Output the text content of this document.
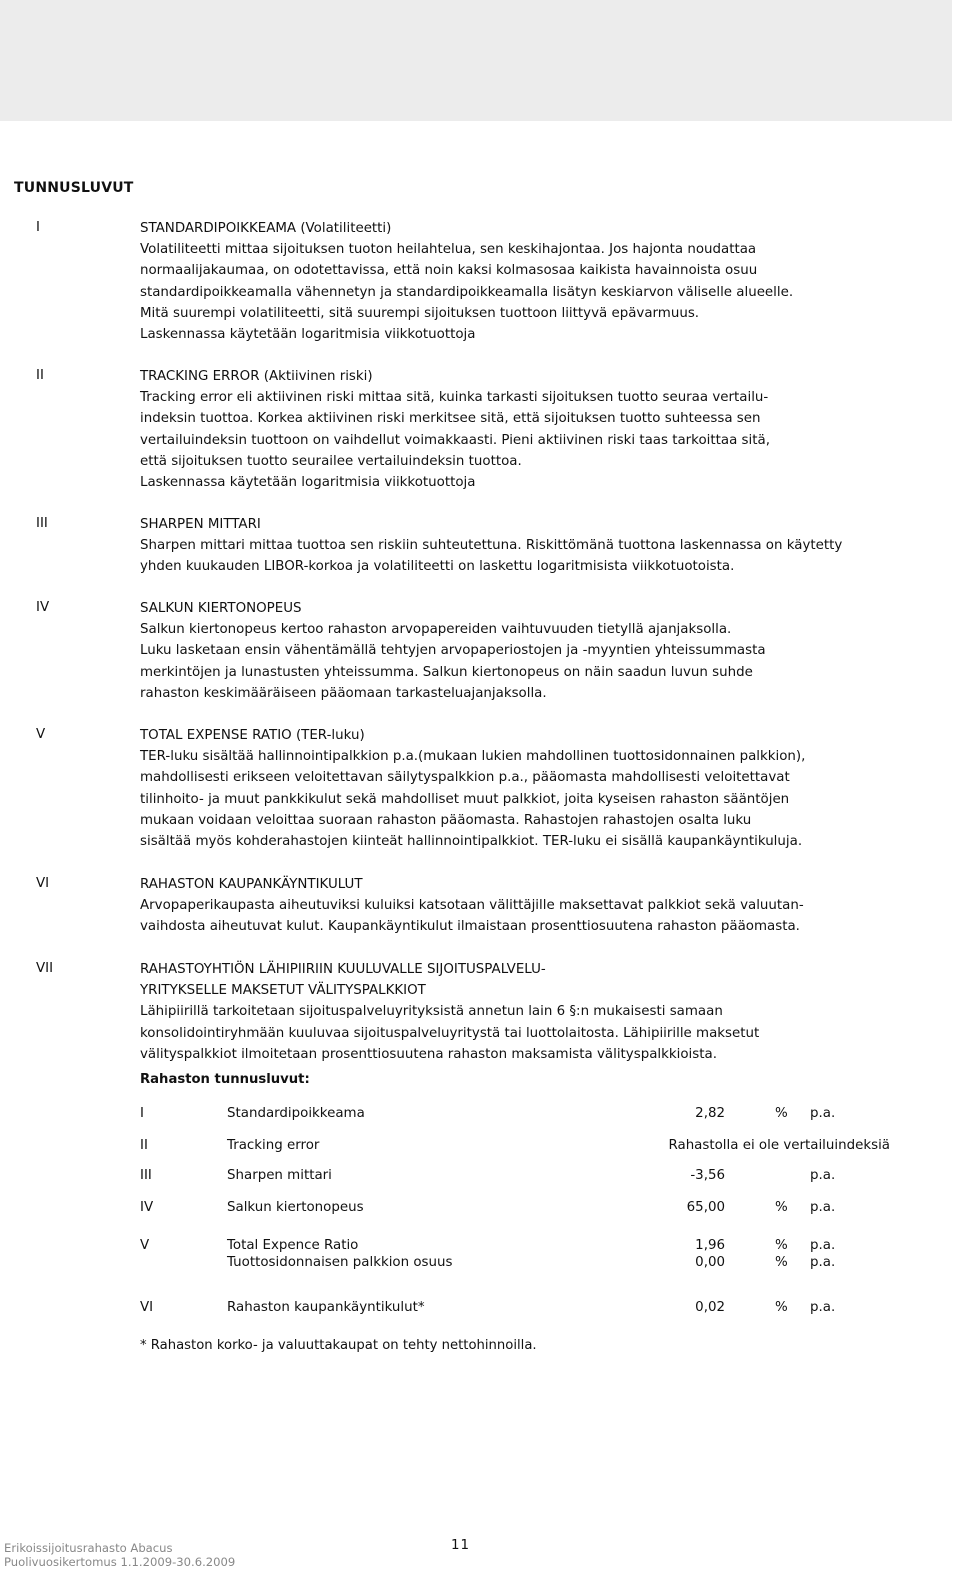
TUNNUSLUVUT
I	STANDARDIPOIKKEAMA (Volatiliteetti)
Volatiliteetti mittaa sijoituksen tuoton heilahtelua, sen keskihajontaa. Jos hajonta noudattaa
normaalijakaumaa, on odotettavissa, että noin kaksi kolmasosaa kaikista havainnoista osuu
standardipoikkeamalla vähennetyn ja standardipoikkeamalla lisätyn keskiarvon väliselle alueelle.
Mitä suurempi volatiliteetti, sitä suurempi sijoituksen tuottoon liittyvä epävarmuus.
Laskennassa käytetään logaritmisia viikkotuottoja
II	TRACKING ERROR (Aktiivinen riski)
Tracking error eli aktiivinen riski mittaa sitä, kuinka tarkasti sijoituksen tuotto seuraa vertailu-
indeksin tuottoa. Korkea aktiivinen riski merkitsee sitä, että sijoituksen tuotto suhteessa sen
vertailuindeksin tuottoon on vaihdellut voimakkaasti. Pieni aktiivinen riski taas tarkoittaa sitä,
että sijoituksen tuotto seurailee vertailuindeksin tuottoa.
Laskennassa käytetään logaritmisia viikkotuottoja
III	SHARPEN MITTARI
Sharpen mittari mittaa tuottoa sen riskiin suhteutettuna. Riskittömänä tuottona laskennassa on käytetty
yhden kuukauden LIBOR-korkoa ja volatiliteetti on laskettu logaritmisista viikkotuotoista.
IV	SALKUN KIERTONOPEUS
Salkun kiertonopeus kertoo rahaston arvopapereiden vaihtuvuuden tietyllä ajanjaksolla.
Luku lasketaan ensin vähentämällä tehtyjen arvopaperiostojen ja -myyntien yhteissummasta
merkintöjen ja lunastusten yhteissumma. Salkun kiertonopeus on näin saadun luvun suhde
rahaston keskimääräiseen pääomaan tarkasteluajanjaksolla.
V	TOTAL EXPENSE RATIO (TER-luku)
TER-luku sisältää hallinnointipalkkion p.a.(mukaan lukien mahdollinen tuottosidonnainen palkkion),
mahdollisesti erikseen veloitettavan säilytyspalkkion p.a., pääomasta mahdollisesti veloitettavat
tilinhoito- ja muut pankkikulut sekä mahdolliset muut palkkiot, joita kyseisen rahaston sääntöjen
mukaan voidaan veloittaa suoraan rahaston pääomasta. Rahastojen rahastojen osalta luku
sisältää myös kohderahastojen kiinteät hallinnointipalkkiot. TER-luku ei sisällä kaupankäyntikuluja.
VI	RAHASTON KAUPANKÄYNTIKULUT
Arvopaperikaupasta aiheutuviksi kuluiksi katsotaan välittäjille maksettavat palkkiot sekä valuutan-
vaihdosta aiheutuvat kulut. Kaupankäyntikulut ilmaistaan prosenttiosuutena rahaston pääomasta.
VII	RAHASTOYHTIÖN LÄHIPIIRIIN KUULUVALLE SIJOITUSPALVELU-
YRITYKSELLE MAKSETUT VÄLITYSPALKKIOT
Lähipiirillä tarkoitetaan sijoituspalveluyrityksistä annetun lain 6 §:n mukaisesti samaan
konsolidointiryhmään kuuluvaa sijoituspalveluyritystä tai luottolaitosta. Lähipiirille maksetut
välityspalkkiot ilmoitetaan prosenttiosuutena rahaston maksamista välityspalkkioista.
Rahaston tunnusluvut:
I	Standardipoikkeama	2,82	% p.a.
II	Tracking error	Rahastolla ei ole vertailuindeksiä
III	Sharpen mittari	-3,56	p.a.
IV	Salkun kiertonopeus	65,00	% p.a.
V	Total Expence Ratio	1,96	% p.a.
Tuottosidonnaisen palkkion osuus	0,00	% p.a.
VI	Rahaston kaupankäyntikulut*	0,02	% p.a.
* Rahaston korko- ja valuuttakaupat on tehty nettohinnoilla.
Erikoissijoitusrahasto Abacus
Puolivuosikertomus 1.1.2009-30.6.2009
11
